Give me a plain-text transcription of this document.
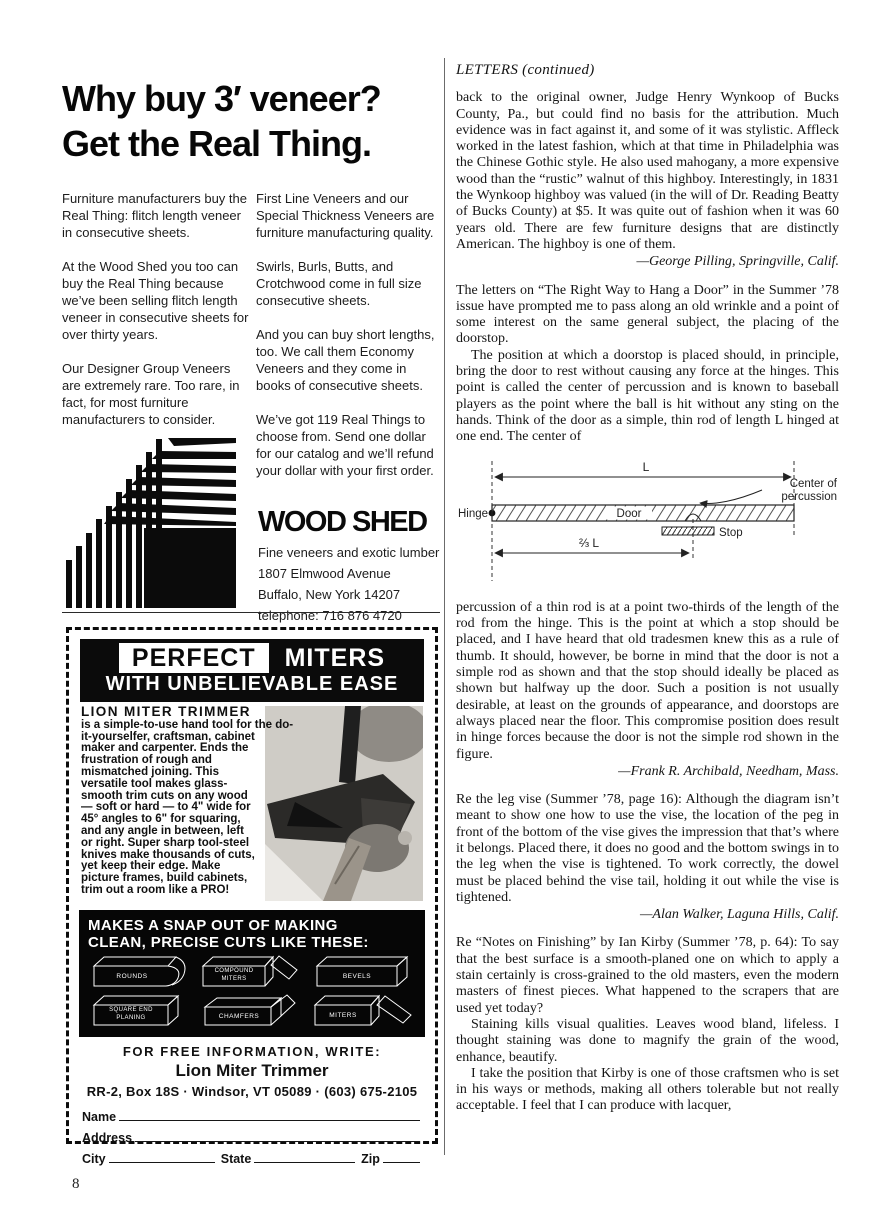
Why buy 3′ veneer?
Get the Real Thing.

Furniture manufacturers buy the Real Thing: flitch length veneer in consecutive sheets.

At the Wood Shed you too can buy the Real Thing because we’ve been selling flitch length veneer in consecutive sheets for over thirty years.

Our Designer Group Veneers are extremely rare. Too rare, in fact, for most furniture manufacturers to consider.

First Line Veneers and our Special Thickness Veneers are furniture manufacturing quality.

Swirls, Burls, Butts, and Crotchwood come in full size consecutive sheets.

And you can buy short lengths, too. We call them Economy Veneers and they come in books of consecutive sheets.

We’ve got 119 Real Things to choose from. Send one dollar for our catalog and we’ll refund your dollar with your first order.

WOOD SHED
Fine veneers and exotic lumber
1807 Elmwood Avenue
Buffalo, New York 14207
telephone: 716 876 4720
PERFECT MITERS
WITH UNBELIEVABLE EASE
LION MITER TRIMMER
is a simple-to-use hand tool for the do-it-yourselfer, craftsman, cabinet maker and carpenter. Ends the frustration of rough and mismatched joining. This versatile tool makes glass-smooth trim cuts on any wood — soft or hard — to 4" wide for 45° angles to 6" for squaring, and any angle in between, left or right. Super sharp tool-steel knives make thousands of cuts, yet keep their edge. Make picture frames, build cabinets, trim out a room like a PRO!
MAKES A SNAP OUT OF MAKING
CLEAN, PRECISE CUTS LIKE THESE:
ROUNDS
COMPOUND
MITERS	BEVELS
SQUARE END
PLANING	CHAMFERS	MITERS
FOR FREE INFORMATION, WRITE:
Lion Miter Trimmer
RR-2, Box 18S · Windsor, VT 05089 · (603) 675-2105
Name
Address
City	State	Zip
LETTERS (continued)

back to the original owner, Judge Henry Wynkoop of Bucks County, Pa., but could find no basis for the attribution. Much evidence was in fact against it, and some of it was stylistic. Affleck worked in the latest fashion, which at that time in Philadelphia was the Chinese Gothic style. He also used mahogany, a more expensive wood than the “rustic” walnut of this highboy. Interestingly, in 1831 the Wynkoop highboy was valued (in the will of Dr. Reading Beatty of Bucks County) at $5. It was quite out of fashion when it was 60 years old. There are few furniture designs that are distinctly American. The highboy is one of them.

—George Pilling, Springville, Calif.

The letters on “The Right Way to Hang a Door” in the Summer ’78 issue have prompted me to pass along an old wrinkle and a point of some interest on the same general subject, the placing of the doorstop.

The position at which a doorstop is placed should, in principle, bring the door to rest without causing any force at the hinges. This point is called the center of percussion and is known to baseball players as the point where the ball is hit without any sting on the hands. Think of the door as a simple, thin rod of length L hinged at one end. The center of

L
Hinge	Door
Center of
percussion
Stop
⅔ L

percussion of a thin rod is at a point two-thirds of the length of the rod from the hinge. This is the point at which a stop should be placed, and I have heard that old tradesmen knew this as a rule of thumb. It should, however, be borne in mind that the door is not a simple rod as shown and that the stop should ideally be placed as shown but halfway up the door. Such a position is not usually desirable, at least on the grounds of appearance, and doorstops are always placed near the floor. This compromise position does result in hinge forces because the door is not the simple rod shown in the figure.

—Frank R. Archibald, Needham, Mass.

Re the leg vise (Summer ’78, page 16): Although the diagram isn’t meant to show one how to use the vise, the location of the peg in front of the bottom of the vise gives the impression that that’s where it belongs. Placed there, it does no good and the bottom swings in to the leg when the vise is tightened. To work correctly, the dowel must be placed behind the vise tail, holding it out while the vise is tightened.

—Alan Walker, Laguna Hills, Calif.

Re “Notes on Finishing” by Ian Kirby (Summer ’78, p. 64): To say that the best surface is a smooth-planed one on which to apply a stain certainly is cross-grained to the old masters, even the modern masters of finest pieces. What happened to the scrapers that are used yet today?

Staining kills visual qualities. Leaves wood bland, lifeless. I thought staining was done to magnify the grain of the wood, enhance, beautify.

I take the position that Kirby is one of those craftsmen who is set in his ways or methods, making all others tolerable but not really acceptable. I feel that I can produce with lacquer,

8
